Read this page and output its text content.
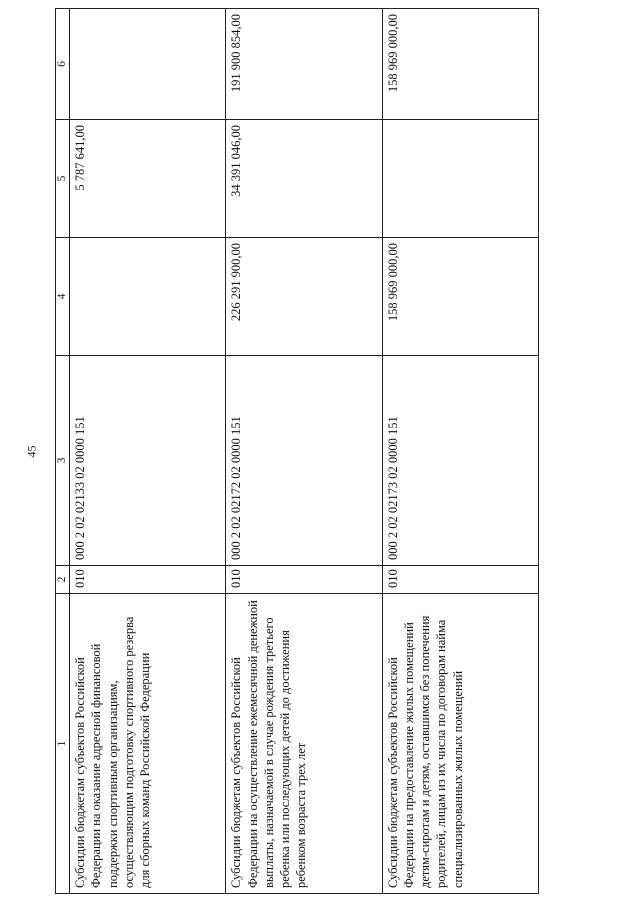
45
1	2	3	4	5	6
Субсидии бюджетам субъектов Российской Федерации на оказание адресной финансовой поддержки спортивным организациям, осуществляющим подготовку спортивного резерва для сборных команд Российской Федерации	010	000 2 02 02133 02 0000 151		5 787 641,00	
Субсидии бюджетам субъектов Российской Федерации на осуществление ежемесячной денежной выплаты, назначаемой в случае рождения третьего ребенка или последующих детей до достижения ребенком возраста трех лет	010	000 2 02 02172 02 0000 151	226 291 900,00	34 391 046,00	191 900 854,00
Субсидии бюджетам субъектов Российской Федерации на предоставление жилых помещений детям-сиротам и детям, оставшимся без попечения родителей, лицам из их числа по договорам найма специализированных жилых помещений	010	000 2 02 02173 02 0000 151	158 969 000,00		158 969 000,00
